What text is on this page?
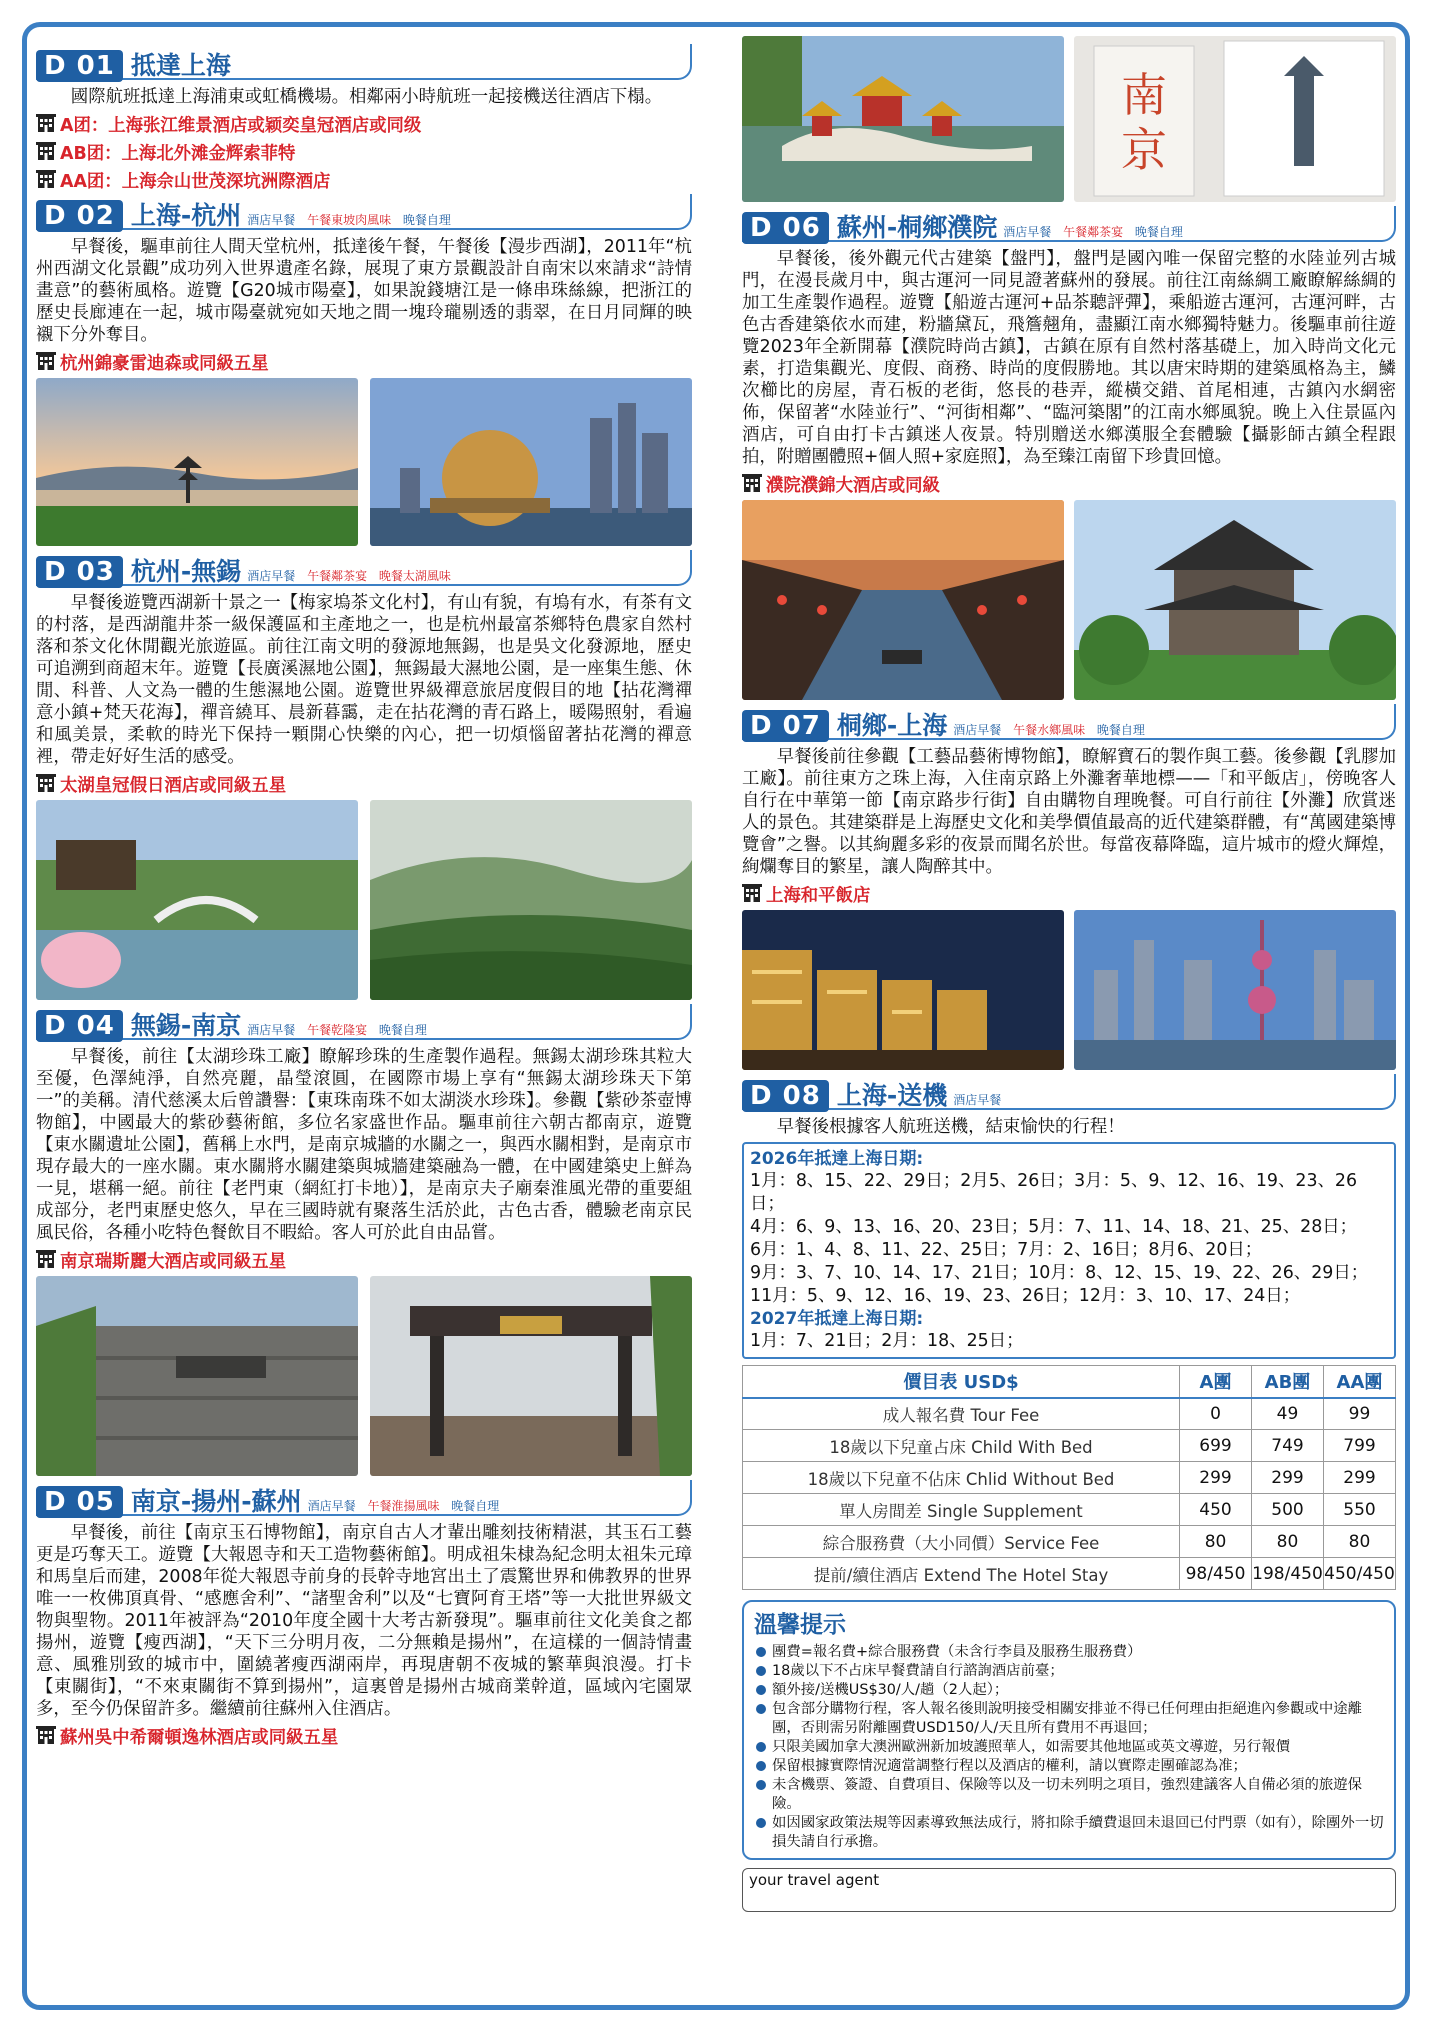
D 01 抵達上海

國際航班抵達上海浦東或虹橋機場。相鄰兩小時航班一起接機送往酒店下榻。

A团：上海张江维景酒店或颖奕皇冠酒店或同级
AB团：上海北外滩金辉索菲特
AA团：上海佘山世茂深坑洲際酒店
D 02 上海-杭州 酒店早餐 午餐東坡肉風味 晚餐自理

早餐後，驅車前往人間天堂杭州，抵達後午餐，午餐後【漫步西湖】，2011年“杭州西湖文化景觀”成功列入世界遺產名錄，展現了東方景觀設計自南宋以來請求“詩情畫意”的藝術風格。遊覽【G20城市陽臺】，如果說錢塘江是一條串珠絲線，把浙江的歷史長廊連在一起，城市陽臺就宛如天地之間一塊玲瓏剔透的翡翠，在日月同輝的映襯下分外奪目。

杭州錦豪雷迪森或同級五星
D 03 杭州-無錫 酒店早餐 午餐鄰茶宴 晚餐太湖風味

早餐後遊覽西湖新十景之一【梅家塢茶文化村】，有山有貌，有塢有水，有茶有文的村落，是西湖龍井茶一級保護區和主產地之一，也是杭州最富茶鄉特色農家自然村落和茶文化休閒觀光旅遊區。前往江南文明的發源地無錫，也是吳文化發源地，歷史可追溯到商超末年。遊覽【長廣溪濕地公園】，無錫最大濕地公園，是一座集生態、休閒、科普、人文為一體的生態濕地公園。遊覽世界級禪意旅居度假目的地【拈花灣禪意小鎮+梵天花海】，禪音繞耳、晨新暮靄，走在拈花灣的青石路上，暖陽照射，看遍和風美景，柔軟的時光下保持一顆開心快樂的內心，把一切煩惱留著拈花灣的禪意裡，帶走好好生活的感受。

太湖皇冠假日酒店或同級五星
D 04 無錫-南京 酒店早餐 午餐乾隆宴 晚餐自理

早餐後，前往【太湖珍珠工廠】瞭解珍珠的生產製作過程。無錫太湖珍珠其粒大至優，色澤純淨，自然亮麗，晶瑩滾圓，在國際市場上享有“無錫太湖珍珠天下第一”的美稱。清代慈溪太后曾讚譽：【東珠南珠不如太湖淡水珍珠】。參觀【紫砂茶壺博物館】，中國最大的紫砂藝術館，多位名家盛世作品。驅車前往六朝古都南京，遊覽【東水關遺址公園】，舊稱上水門，是南京城牆的水關之一，與西水關相對，是南京市現存最大的一座水關。東水關將水關建築與城牆建築融為一體，在中國建築史上鮮為一見，堪稱一絕。前往【老門東（網紅打卡地）】，是南京夫子廟秦淮風光帶的重要組成部分，老門東歷史悠久，早在三國時就有聚落生活於此，古色古香，體驗老南京民風民俗，各種小吃特色餐飲目不暇給。客人可於此自由品嘗。

南京瑞斯麗大酒店或同級五星
D 05 南京-揚州-蘇州 酒店早餐 午餐淮揚風味 晚餐自理

早餐後，前往【南京玉石博物館】，南京自古人才輩出雕刻技術精湛，其玉石工藝更是巧奪天工。遊覽【大報恩寺和天工造物藝術館】。明成祖朱棣為紀念明太祖朱元璋和馬皇后而建，2008年從大報恩寺前身的長幹寺地宮出土了震驚世界和佛教界的世界唯一一枚佛頂真骨、“感應舍利”、“諸聖舍利”以及“七寶阿育王塔”等一大批世界級文物與聖物。2011年被評為“2010年度全國十大考古新發現”。驅車前往文化美食之都揚州，遊覽【瘦西湖】，“天下三分明月夜，二分無賴是揚州”，在這樣的一個詩情畫意、風雅別致的城市中，圍繞著瘦西湖兩岸，再現唐朝不夜城的繁華與浪漫。打卡【東關街】，“不來東關街不算到揚州”，這裏曾是揚州古城商業幹道，區域內宅園眾多，至今仍保留許多。繼續前往蘇州入住酒店。

蘇州吳中希爾頓逸林酒店或同級五星
南
京
D 06 蘇州-桐鄉濮院 酒店早餐 午餐鄰茶宴 晚餐自理

早餐後，後外觀元代古建築【盤門】，盤門是國內唯一保留完整的水陸並列古城門，在漫長歲月中，與古運河一同見證著蘇州的發展。前往江南絲綢工廠瞭解絲綢的加工生產製作過程。遊覽【船遊古運河+品茶聽評彈】，乘船遊古運河，古運河畔，古色古香建築依水而建，粉牆黛瓦，飛簷翹角，盡顯江南水鄉獨特魅力。後驅車前往遊覽2023年全新開幕【濮院時尚古鎮】，古鎮在原有自然村落基礎上，加入時尚文化元素，打造集觀光、度假、商務、時尚的度假勝地。其以唐宋時期的建築風格為主，鱗次櫛比的房屋，青石板的老街，悠長的巷弄，縱橫交錯、首尾相連，古鎮內水網密佈，保留著“水陸並行”、“河街相鄰”、“臨河築閣”的江南水鄉風貌。晚上入住景區內酒店，可自由打卡古鎮迷人夜景。特別贈送水鄉漢服全套體驗【攝影師古鎮全程跟拍，附贈團體照+個人照+家庭照】，為至臻江南留下珍貴回憶。

濮院濮錦大酒店或同級
D 07 桐鄉-上海 酒店早餐 午餐水鄉風味 晚餐自理

早餐後前往參觀【工藝品藝術博物館】，瞭解寶石的製作與工藝。後參觀【乳膠加工廠】。前往東方之珠上海，入住南京路上外灘奢華地標——「和平飯店」，傍晚客人自行在中華第一節【南京路步行街】自由購物自理晚餐。可自行前往【外灘】欣賞迷人的景色。其建築群是上海歷史文化和美學價值最高的近代建築群體，有“萬國建築博覽會”之譽。以其絢麗多彩的夜景而聞名於世。每當夜幕降臨，這片城市的燈火輝煌，絢爛奪目的繁星，讓人陶醉其中。

上海和平飯店
D 08 上海-送機 酒店早餐

早餐後根據客人航班送機，結束愉快的行程！

2026年抵達上海日期:
1月：8、15、22、29日；2月5、26日；3月：5、9、12、16、19、23、26日；
4月：6、9、13、16、20、23日；5月：7、11、14、18、21、25、28日；
6月：1、4、8、11、22、25日；7月：2、16日；8月6、20日；
9月：3、7、10、14、17、21日；10月：8、12、15、19、22、26、29日；
11月：5、9、12、16、19、23、26日；12月：3、10、17、24日；
2027年抵達上海日期:
1月：7、21日；2月：18、25日；
價目表 USD$	A團	AB團	AA團
成人報名費 Tour Fee	0	49	99
18歲以下兒童占床 Child With Bed	699	749	799
18歲以下兒童不佔床 Chlid Without Bed	299	299	299
單人房間差 Single Supplement	450	500	550
綜合服務費（大小同價）Service Fee	80	80	80
提前/續住酒店 Extend The Hotel Stay	98/450	198/450	450/450
溫馨提示
團費=報名費+綜合服務費（未含行李員及服務生服務費）
18歲以下不占床早餐費請自行諮詢酒店前臺；
額外接/送機US$30/人/趟（2人起）；
包含部分購物行程，客人報名後則說明接受相關安排並不得已任何理由拒絕進內參觀或中途離團，否則需另附離團費USD150/人/天且所有費用不再退回；
只限美國加拿大澳洲歐洲新加坡護照華人，如需要其他地區或英文導遊，另行報價
保留根據實際情況適當調整行程以及酒店的權利，請以實際走團確認為准；
未含機票、簽證、自費項目、保險等以及一切未列明之項目，強烈建議客人自備必須的旅遊保險。
如因國家政策法規等因素導致無法成行，將扣除手續費退回未退回已付門票（如有），除團外一切損失請自行承擔。
your travel agent
